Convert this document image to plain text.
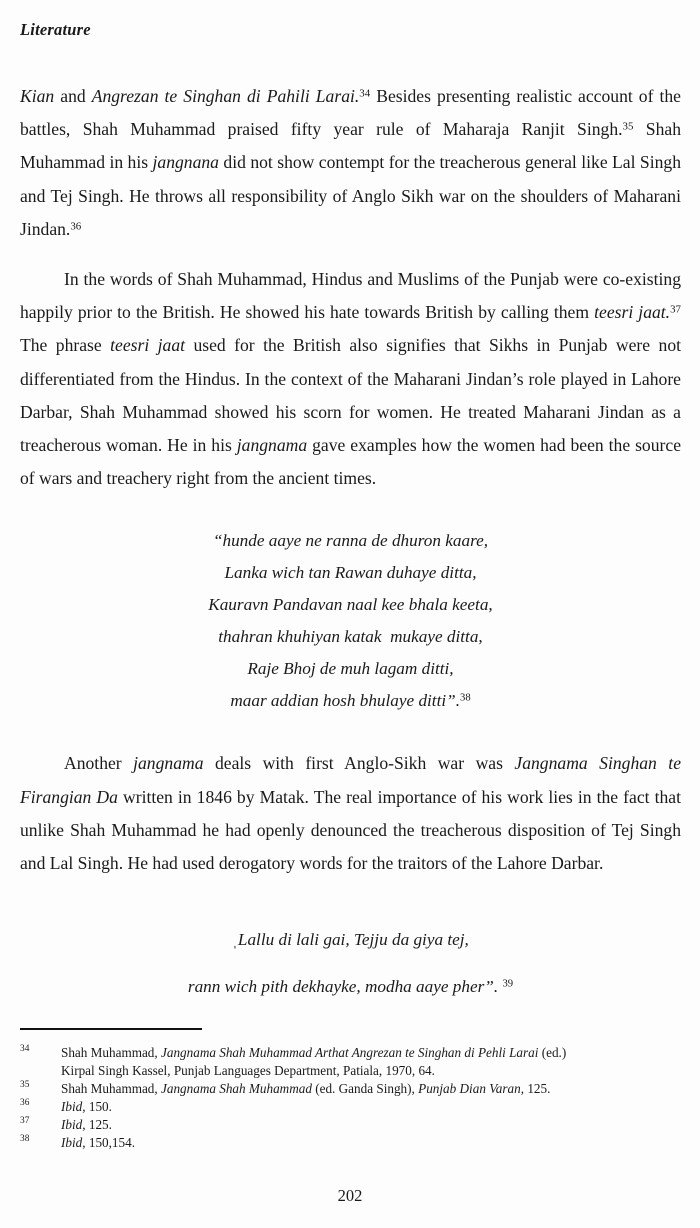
Literature

Kian and Angrezan te Singhan di Pahili Larai.$^{34}$ Besides presenting realistic account of the battles, Shah Muhammad praised fifty year rule of Maharaja Ranjit Singh.$^{35}$ Shah Muhammad in his jangnana did not show contempt for the treacherous general like Lal Singh and Tej Singh. He throws all responsibility of Anglo Sikh war on the shoulders of Maharani Jindan.$^{36}$

In the words of Shah Muhammad, Hindus and Muslims of the Punjab were co-existing happily prior to the British. He showed his hate towards British by calling them teesri jaat.$^{37}$ The phrase teesri jaat used for the British also signifies that Sikhs in Punjab were not differentiated from the Hindus. In the context of the Maharani Jindan’s role played in Lahore Darbar, Shah Muhammad showed his scorn for women. He treated Maharani Jindan as a treacherous woman. He in his jangnama gave examples how the women had been the source of wars and treachery right from the ancient times.

“hunde aaye ne ranna de dhuron kaare,
Lanka wich tan Rawan duhaye ditta,
Kauravn Pandavan naal kee bhala keeta,
thahran khuhiyan katak  mukaye ditta,
Raje Bhoj de muh lagam ditti,
maar addian hosh bhulaye ditti”.$^{38}$

Another jangnama deals with first Anglo-Sikh war was Jangnama Singhan te Firangian Da written in 1846 by Matak. The real importance of his work lies in the fact that unlike Shah Muhammad he had openly denounced the treacherous disposition of Tej Singh and Lal Singh. He had used derogatory words for the traitors of the Lahore Darbar.

ˌLallu di lali gai, Tejju da giya tej,
rann wich pith dekhayke, modha aaye pher”. $^{39}$
34	Shah Muhammad, Jangnama Shah Muhammad Arthat Angrezan te Singhan di Pehli Larai (ed.)
Kirpal Singh Kassel, Punjab Languages Department, Patiala, 1970, 64.
35	Shah Muhammad, Jangnama Shah Muhammad (ed. Ganda Singh), Punjab Dian Varan, 125.
36	Ibid, 150.
37	Ibid, 125.
38	Ibid, 150,154.
202
